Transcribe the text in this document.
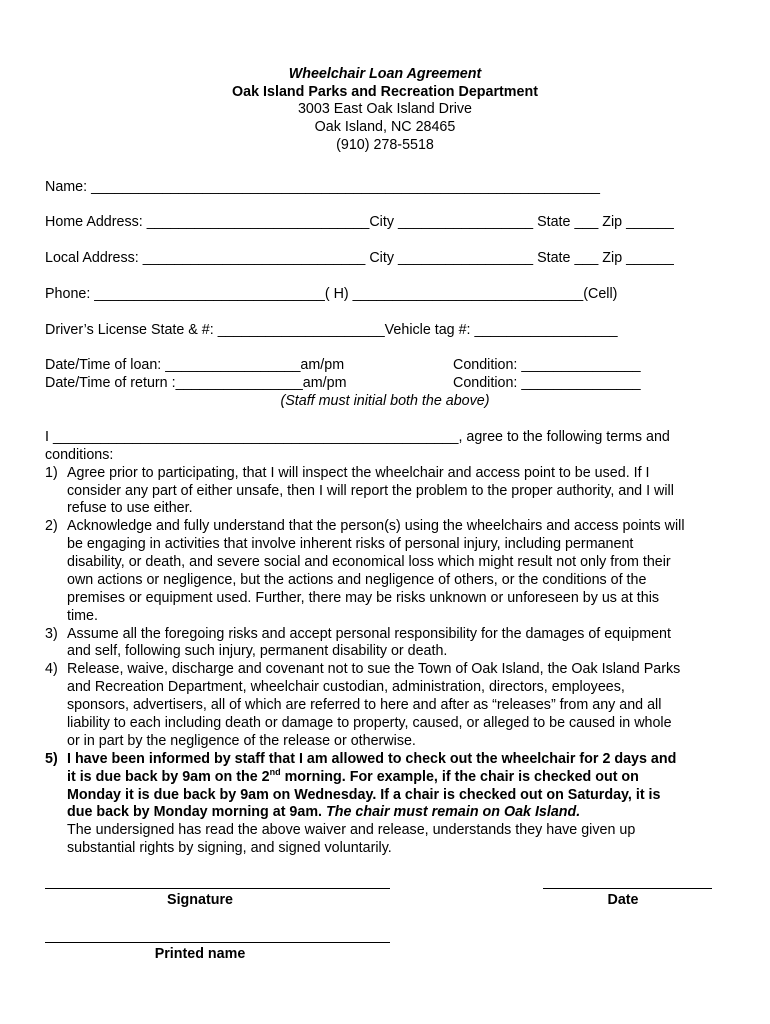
Wheelchair Loan Agreement
Oak Island Parks and Recreation Department
3003 East Oak Island Drive
Oak Island, NC 28465
(910) 278-5518
Name: ________________________________________________________________
Home Address: ____________________________City _________________ State ___ Zip ______
Local Address: ____________________________ City _________________ State ___ Zip ______
Phone: _____________________________( H) _____________________________(Cell)
Driver’s License State & #: _____________________Vehicle tag #: __________________
Date/Time of loan: _________________am/pm	Condition: _______________
Date/Time of return :________________am/pm	Condition: _______________
(Staff must initial both the above)
I ___________________________________________________, agree to the following terms and
conditions:
1) Agree prior to participating, that I will inspect the wheelchair and access point to be used. If I
consider any part of either unsafe, then I will report the problem to the proper authority, and I will
refuse to use either.
2) Acknowledge and fully understand that the person(s) using the wheelchairs and access points will
be engaging in activities that involve inherent risks of personal injury, including permanent
disability, or death, and severe social and economical loss which might result not only from their
own actions or negligence, but the actions and negligence of others, or the conditions of the
premises or equipment used. Further, there may be risks unknown or unforeseen by us at this
time.
3) Assume all the foregoing risks and accept personal responsibility for the damages of equipment
and self, following such injury, permanent disability or death.
4) Release, waive, discharge and covenant not to sue the Town of Oak Island, the Oak Island Parks
and Recreation Department, wheelchair custodian, administration, directors, employees,
sponsors, advertisers, all of which are referred to here and after as “releases” from any and all
liability to each including death or damage to property, caused, or alleged to be caused in whole
or in part by the negligence of the release or otherwise.
5) I have been informed by staff that I am allowed to check out the wheelchair for 2 days and
it is due back by 9am on the 2nd morning. For example, if the chair is checked out on
Monday it is due back by 9am on Wednesday. If a chair is checked out on Saturday, it is
due back by Monday morning at 9am. The chair must remain on Oak Island.
The undersigned has read the above waiver and release, understands they have given up
substantial rights by signing, and signed voluntarily.
Signature	Date
Printed name
